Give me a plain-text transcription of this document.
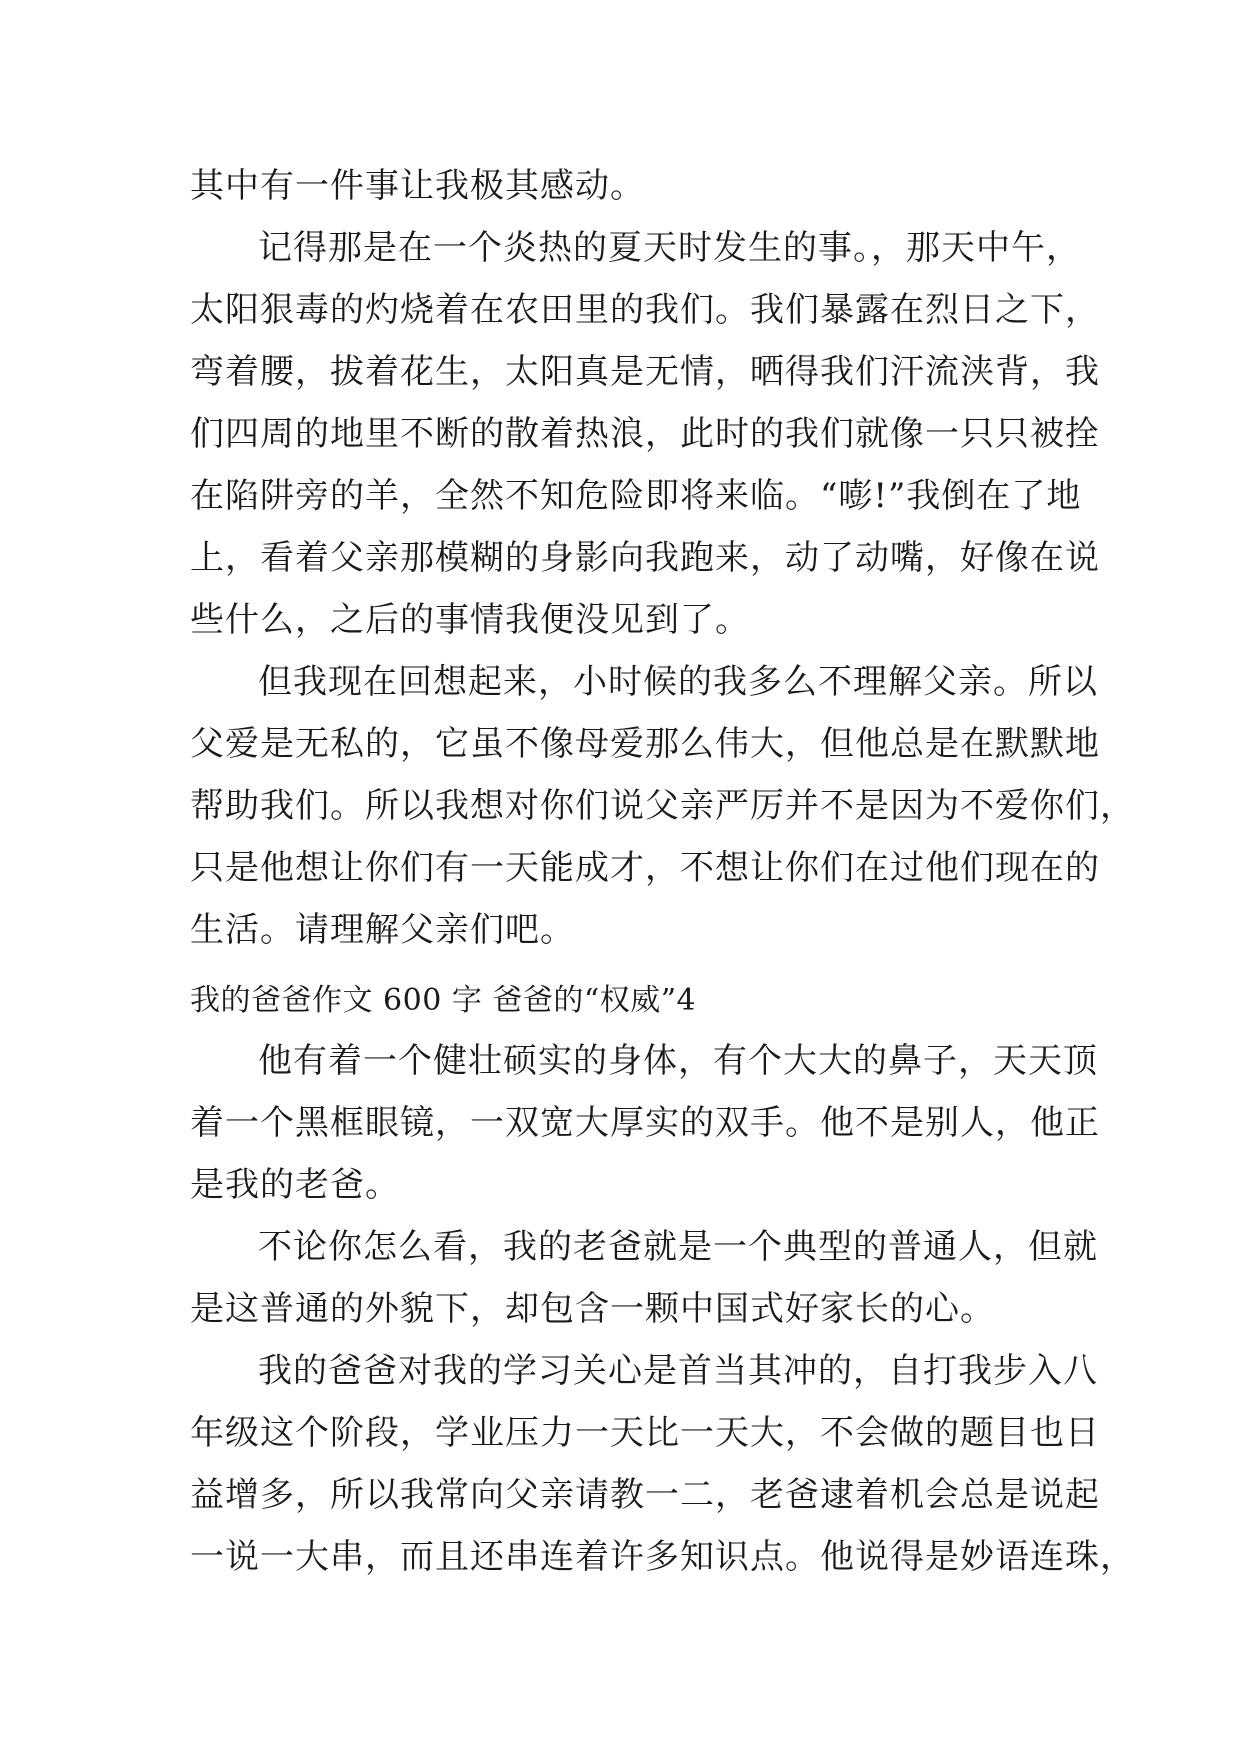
其中有一件事让我极其感动。
记得那是在一个炎热的夏天时发生的事。，那天中午，
太阳狠毒的灼烧着在农田里的我们。我们暴露在烈日之下，
弯着腰，拔着花生，太阳真是无情，晒得我们汗流浃背，我
们四周的地里不断的散着热浪，此时的我们就像一只只被拴
在陷阱旁的羊，全然不知危险即将来临。“嘭!”我倒在了地
上，看着父亲那模糊的身影向我跑来，动了动嘴，好像在说
些什么，之后的事情我便没见到了。
但我现在回想起来，小时候的我多么不理解父亲。所以
父爱是无私的，它虽不像母爱那么伟大，但他总是在默默地
帮助我们。所以我想对你们说父亲严厉并不是因为不爱你们，
只是他想让你们有一天能成才，不想让你们在过他们现在的
生活。请理解父亲们吧。
我的爸爸作文 600 字 爸爸的“权威”4
他有着一个健壮硕实的身体，有个大大的鼻子，天天顶
着一个黑框眼镜，一双宽大厚实的双手。他不是别人，他正
是我的老爸。
不论你怎么看，我的老爸就是一个典型的普通人，但就
是这普通的外貌下，却包含一颗中国式好家长的心。
我的爸爸对我的学习关心是首当其冲的，自打我步入八
年级这个阶段，学业压力一天比一天大，不会做的题目也日
益增多，所以我常向父亲请教一二，老爸逮着机会总是说起
一说一大串，而且还串连着许多知识点。他说得是妙语连珠，
